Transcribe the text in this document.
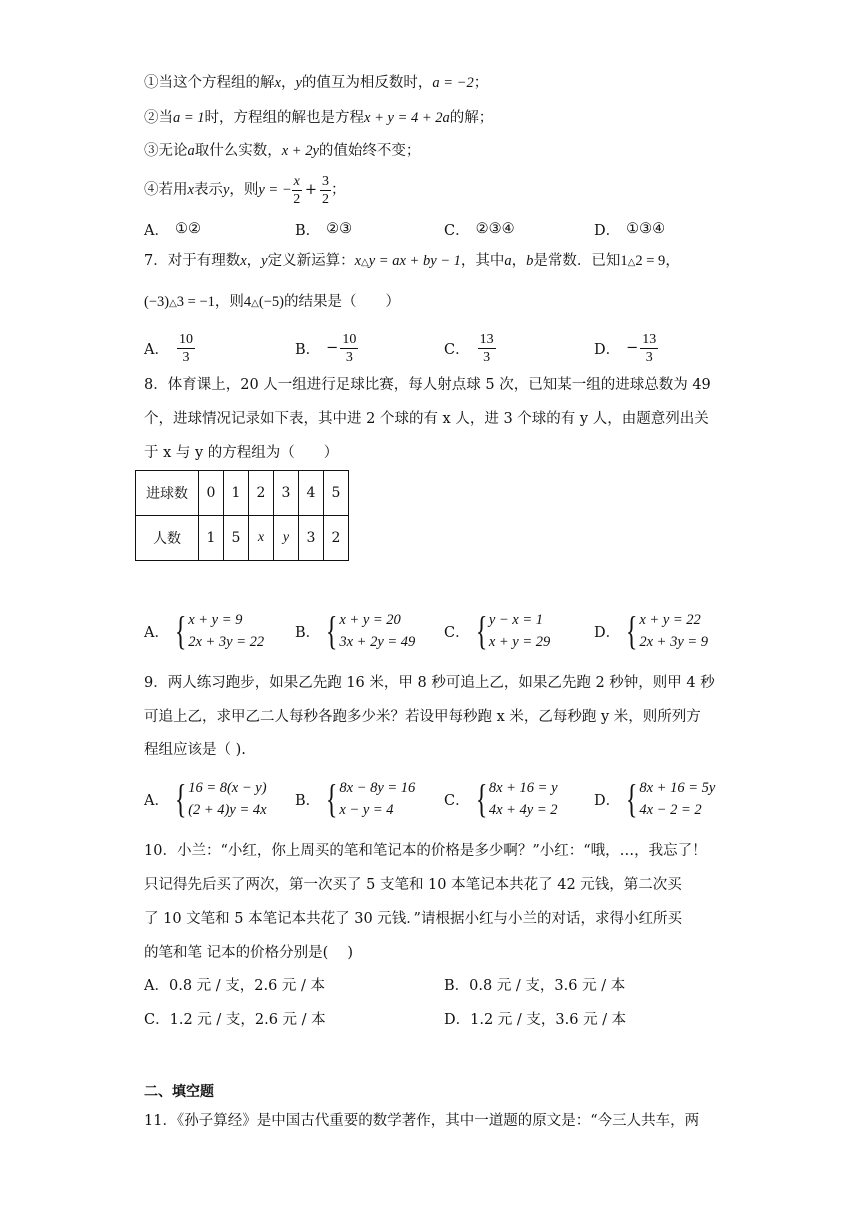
①当这个方程组的解x，y的值互为相反数时，a = −2；
②当a = 1时，方程组的解也是方程x + y = 4 + 2a的解；
③无论a取什么实数，x + 2y的值始终不变；
④若用x表示y，则y = − $\frac{x}{2} + \frac{3}{2}$ ；
A． ①②	B． ②③	C． ②③④	D． ①③④
7．对于有理数x，y定义新运算：x△y = ax + by − 1，其中a，b是常数．已知1△2 = 9，
(−3)△3 = −1，则4△(−5)的结果是（　　）
A． $\frac{10}{3}$	B． − $\frac{10}{3}$	C． $\frac{13}{3}$	D． − $\frac{13}{3}$
8．体育课上，20 人一组进行足球比赛，每人射点球 5 次，已知某一组的进球总数为 49
个，进球情况记录如下表，其中进 2 个球的有 x 人，进 3 个球的有 y 人，由题意列出关
于 x 与 y 的方程组为（　　）
进球数	0	1	2	3	4	5
人数	1	5	x	y	3	2
A． { x + y = 9
2x + 3y = 22
B． { x + y = 20
3x + 2y = 49
C． { y − x = 1
x + y = 29
D． { x + y = 22
2x + 3y = 9
9．两人练习跑步，如果乙先跑 16 米，甲 8 秒可追上乙，如果乙先跑 2 秒钟，则甲 4 秒
可追上乙，求甲乙二人每秒各跑多少米？若设甲每秒跑 x 米，乙每秒跑 y 米，则所列方
程组应该是（ ).
A． { 16 = 8(x − y)
(2 + 4)y = 4x
B． { 8x − 8y = 16
x − y = 4
C． { 8x + 16 = y
4x + 4y = 2
D． { 8x + 16 = 5y
4x − 2 = 2
10．小兰：“小红，你上周买的笔和笔记本的价格是多少啊？”小红：“哦，…，我忘了！
只记得先后买了两次，第一次买了 5 支笔和 10 本笔记本共花了 42 元钱，第二次买
了 10 文笔和 5 本笔记本共花了 30 元钱．”请根据小红与小兰的对话，求得小红所买
的笔和笔 记本的价格分别是(　 )
A．0.8 元 / 支，2.6 元 / 本	B．0.8 元 / 支，3.6 元 / 本
C．1.2 元 / 支，2.6 元 / 本	D．1.2 元 / 支，3.6 元 / 本
二、填空题
11．《孙子算经》是中国古代重要的数学著作，其中一道题的原文是：“今三人共车，两
